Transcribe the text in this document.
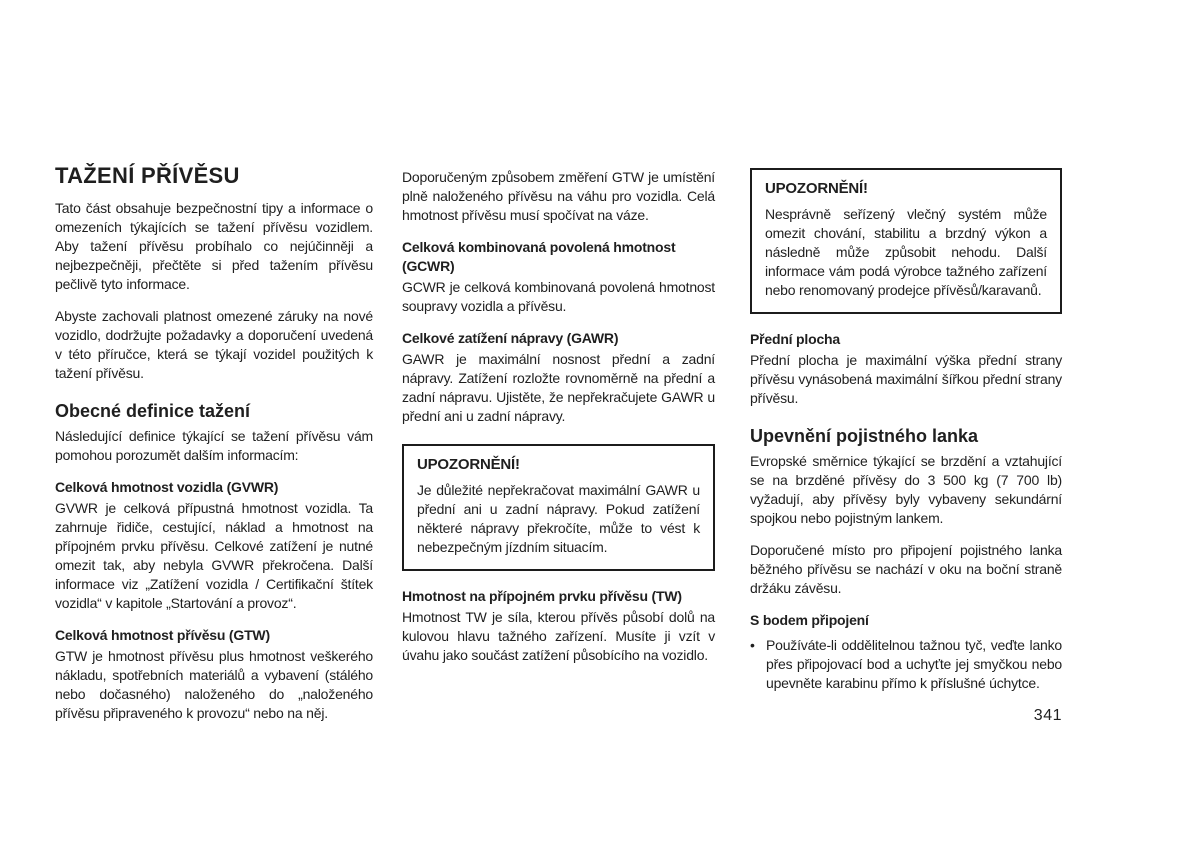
TAŽENÍ PŘÍVĚSU

Tato část obsahuje bezpečnostní tipy a informace o omezeních týkajících se tažení přívěsu vozidlem. Aby tažení přívěsu probíhalo co nejúčinněji a nejbezpečněji, přečtěte si před tažením přívěsu pečlivě tyto informace.

Abyste zachovali platnost omezené záruky na nové vozidlo, dodržujte požadavky a doporučení uvedená v této příručce, která se týkají vozidel použitých k tažení přívěsu.

Obecné definice tažení

Následující definice týkající se tažení přívěsu vám pomohou porozumět dalším informacím:

Celková hmotnost vozidla (GVWR)

GVWR je celková přípustná hmotnost vozidla. Ta zahrnuje řidiče, cestující, náklad a hmotnost na přípojném prvku přívěsu. Celkové zatížení je nutné omezit tak, aby nebyla GVWR překročena. Další informace viz „Zatížení vozidla / Certifikační štítek vozidla“ v kapitole „Startování a provoz“.

Celková hmotnost přívěsu (GTW)

GTW je hmotnost přívěsu plus hmotnost veškerého nákladu, spotřebních materiálů a vybavení (stálého nebo dočasného) naloženého do „naloženého přívěsu připraveného k provozu“ nebo na něj.

Doporučeným způsobem změření GTW je umístění plně naloženého přívěsu na váhu pro vozidla. Celá hmotnost přívěsu musí spočívat na váze.

Celková kombinovaná povolená hmotnost (GCWR)

GCWR je celková kombinovaná povolená hmotnost soupravy vozidla a přívěsu.

Celkové zatížení nápravy (GAWR)

GAWR je maximální nosnost přední a zadní nápravy. Zatížení rozložte rovnoměrně na přední a zadní nápravu. Ujistěte, že nepřekračujete GAWR u přední ani u zadní nápravy.

UPOZORNĚNÍ!

Je důležité nepřekračovat maximální GAWR u přední ani u zadní nápravy. Pokud zatížení některé nápravy překročíte, může to vést k nebezpečným jízdním situacím.

Hmotnost na přípojném prvku přívěsu (TW)

Hmotnost TW je síla, kterou přívěs působí dolů na kulovou hlavu tažného zařízení. Musíte ji vzít v úvahu jako součást zatížení působícího na vozidlo.

UPOZORNĚNÍ!

Nesprávně seřízený vlečný systém může omezit chování, stabilitu a brzdný výkon a následně může způsobit nehodu. Další informace vám podá výrobce tažného zařízení nebo renomovaný prodejce přívěsů/karavanů.

Přední plocha

Přední plocha je maximální výška přední strany přívěsu vynásobená maximální šířkou přední strany přívěsu.

Upevnění pojistného lanka

Evropské směrnice týkající se brzdění a vztahující se na brzděné přívěsy do 3 500 kg (7 700 lb) vyžadují, aby přívěsy byly vybaveny sekundární spojkou nebo pojistným lankem.

Doporučené místo pro připojení pojistného lanka běžného přívěsu se nachází v oku na boční straně držáku závěsu.

S bodem připojení
• Používáte-li oddělitelnou tažnou tyč, veďte lanko přes připojovací bod a uchyťte jej smyčkou nebo upevněte karabinu přímo k příslušné úchytce.
341
